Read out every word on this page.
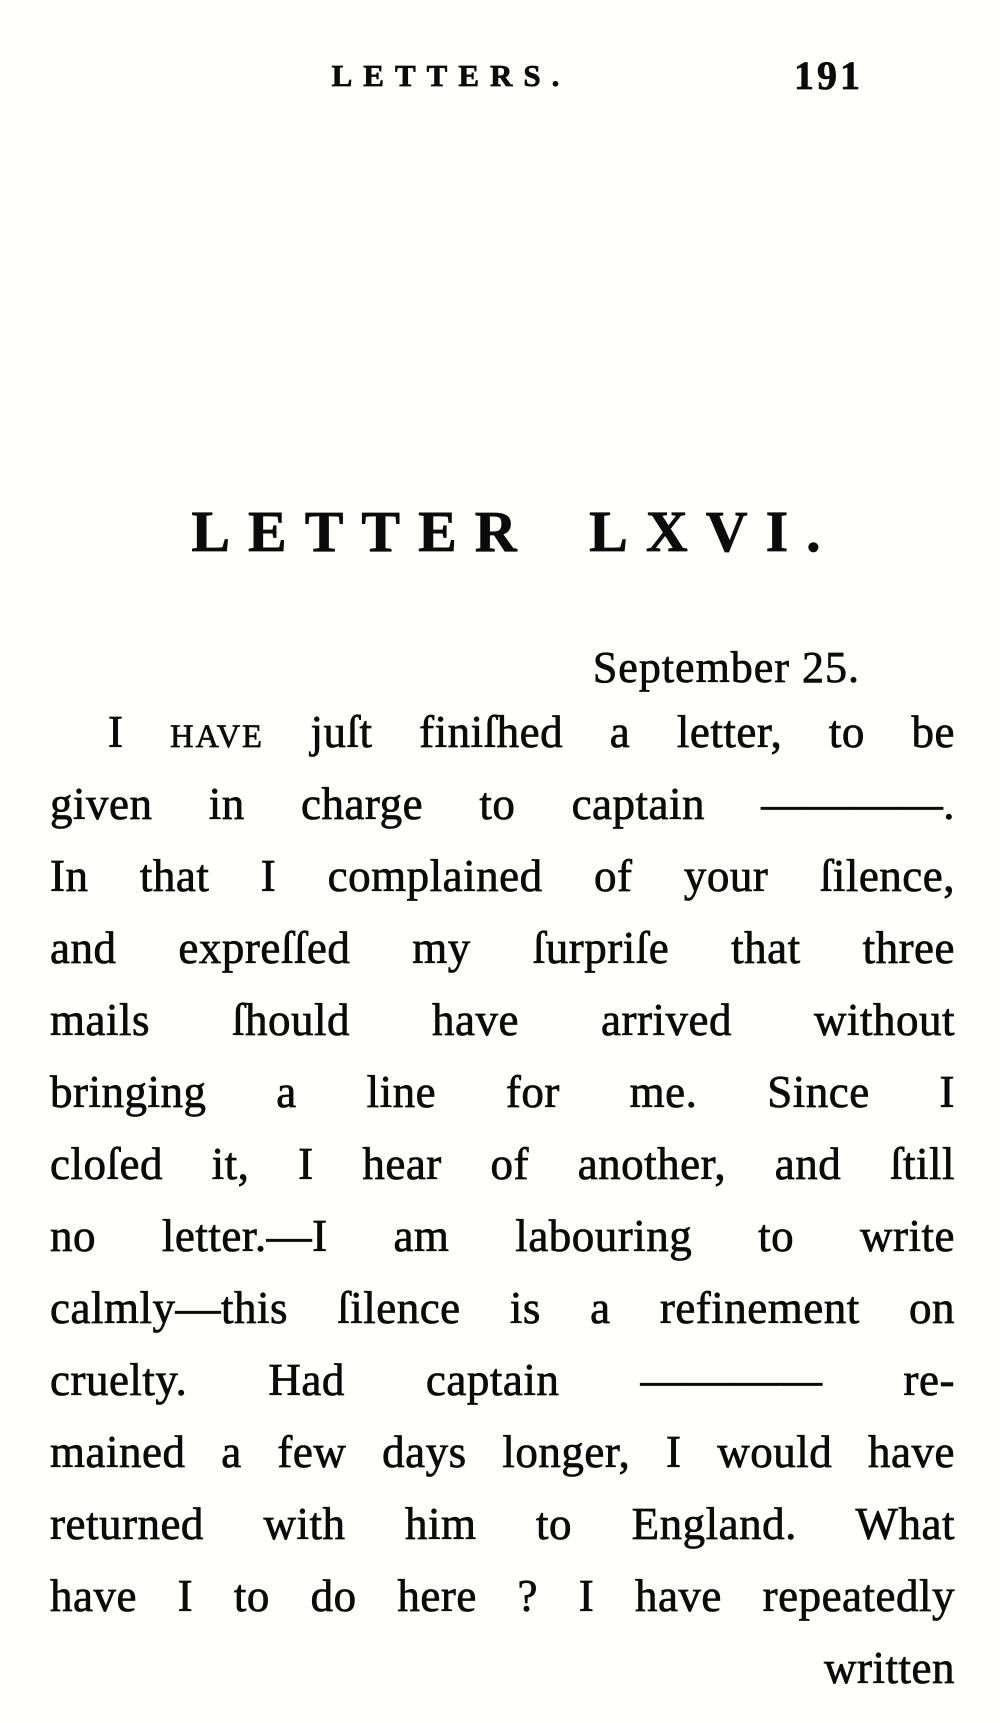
LETTERS.	191
LETTER LXVI.
September 25.
I HAVE juſt finiſhed a letter, to be
given in charge to captain ————.
In that I complained of your ſilence,
and expreſſed my ſurpriſe that three
mails ſhould have arrived without
bringing a line for me. Since I
cloſed it, I hear of another, and ſtill
no letter.—I am labouring to write
calmly—this ſilence is a refinement on
cruelty. Had captain ———— re-
mained a few days longer, I would have
returned with him to England. What
have I to do here ? I have repeatedly
written
